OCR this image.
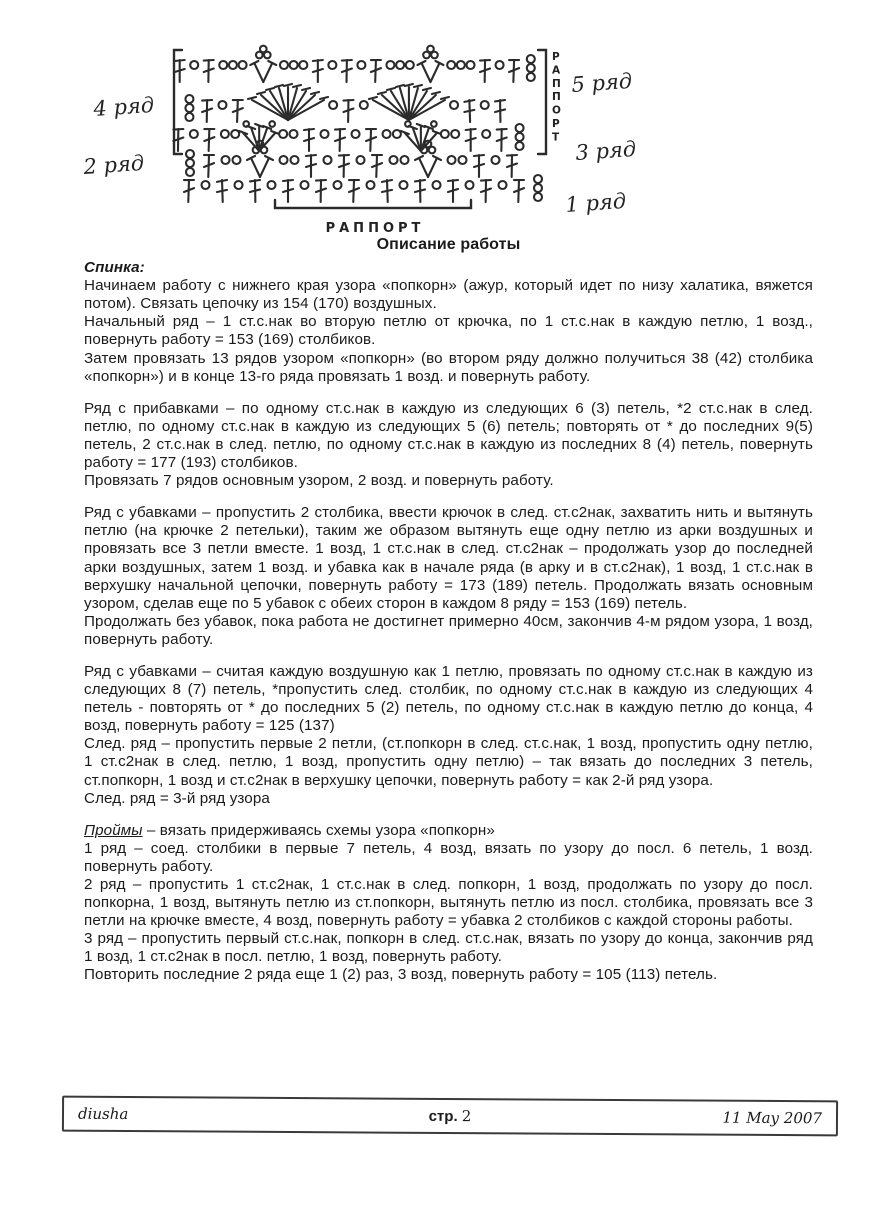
4 ряд
2 ряд
5 ряд
3 ряд
1 ряд
РАППОРТ
Р
А
П
П
О
Р
Т
Описание работы

Спинка:

Начинаем работу с нижнего края узора «попкорн» (ажур, который идет по низу халатика, вяжется потом). Связать цепочку из 154 (170) воздушных.

Начальный ряд – 1 ст.с.нак во вторую петлю от крючка, по 1 ст.с.нак в каждую петлю, 1 возд., повернуть работу = 153 (169) столбиков.

Затем провязать 13 рядов узором «попкорн» (во втором ряду должно получиться 38 (42) столбика «попкорн») и в конце 13-го ряда провязать 1 возд. и повернуть работу.

Ряд с прибавками – по одному ст.с.нак в каждую из следующих 6 (3) петель, *2 ст.с.нак в след. петлю, по одному ст.с.нак в каждую из следующих 5 (6) петель; повторять от * до последних 9(5) петель, 2 ст.с.нак в след. петлю, по одному ст.с.нак в каждую из последних 8 (4) петель, повернуть работу = 177 (193) столбиков.

Провязать 7 рядов основным узором, 2 возд. и повернуть работу.

Ряд с убавками – пропустить 2 столбика, ввести крючок в след. ст.с2нак, захватить нить и вытянуть петлю (на крючке 2 петельки), таким же образом вытянуть еще одну петлю из арки воздушных и провязать все 3 петли вместе. 1 возд, 1 ст.с.нак в след. ст.с2нак – продолжать узор до последней арки воздушных, затем 1 возд. и убавка как в начале ряда (в арку и в ст.с2нак), 1 возд, 1 ст.с.нак в верхушку начальной цепочки, повернуть работу = 173 (189) петель. Продолжать вязать основным узором, сделав еще по 5 убавок с обеих сторон в каждом 8 ряду = 153 (169) петель.

Продолжать без убавок, пока работа не достигнет примерно 40см, закончив 4-м рядом узора, 1 возд, повернуть работу.

Ряд с убавками – считая каждую воздушную как 1 петлю, провязать по одному ст.с.нак в каждую из следующих 8 (7) петель, *пропустить след. столбик, по одному ст.с.нак в каждую из следующих 4 петель - повторять от * до последних 5 (2) петель, по одному ст.с.нак в каждую петлю до конца, 4 возд, повернуть работу = 125 (137)

След. ряд – пропустить первые 2 петли, (ст.попкорн в след. ст.с.нак, 1 возд, пропустить одну петлю, 1 ст.с2нак в след. петлю, 1 возд, пропустить одну петлю) – так вязать до последних 3 петель, ст.попкорн, 1 возд и ст.с2нак в верхушку цепочки, повернуть работу = как 2-й ряд узора.

След. ряд = 3-й ряд узора

Проймы – вязать придерживаясь схемы узора «попкорн»

1 ряд – соед. столбики в первые 7 петель, 4 возд, вязать по узору до посл. 6 петель, 1 возд. повернуть работу.

2 ряд – пропустить 1 ст.с2нак, 1 ст.с.нак в след. попкорн, 1 возд, продолжать по узору до посл. попкорна, 1 возд, вытянуть петлю из ст.попкорн, вытянуть петлю из посл. столбика, провязать все 3 петли на крючке вместе, 4 возд, повернуть работу = убавка 2 столбиков с каждой стороны работы.

3 ряд – пропустить первый ст.с.нак, попкорн в след. ст.с.нак, вязать по узору до конца, закончив ряд 1 возд, 1 ст.с2нак в посл. петлю, 1 возд, повернуть работу.

Повторить последние 2 ряда еще 1 (2) раз, 3 возд, повернуть работу = 105 (113) петель.

diusha	стр. 2	11 May 2007
